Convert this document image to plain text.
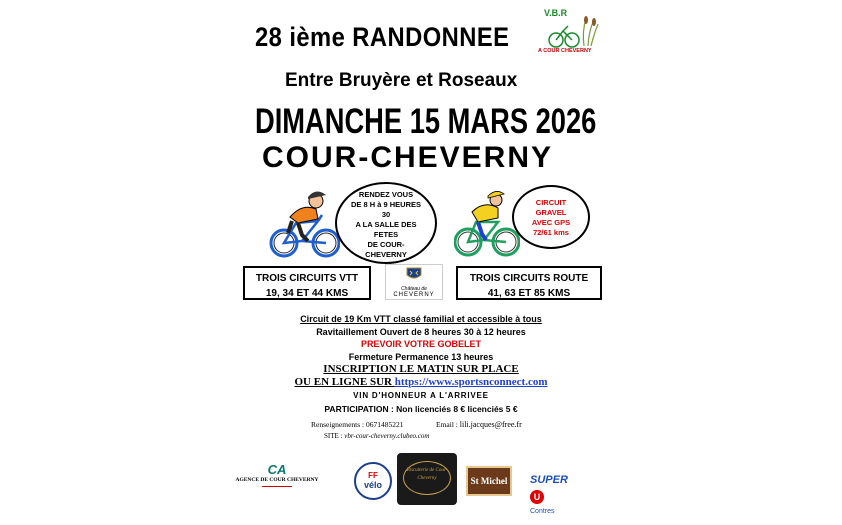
28 ième RANDONNEE
Entre Bruyère et Roseaux
DIMANCHE 15 MARS 2026
COUR-CHEVERNY
V.B.R
A COUR CHEVERNY
RENDEZ VOUS
DE 8 H à 9 HEURES
30
A LA SALLE DES
FETES
DE COUR-
CHEVERNY
CIRCUIT
GRAVEL
AVEC GPS
72/61 kms
TROIS CIRCUITS VTT
19, 34 ET 44 KMS	Château de
CHEVERNY
TROIS CIRCUITS ROUTE
41, 63 ET 85 KMS
Circuit de 19 Km VTT classé familial et accessible à tous
Ravitaillement Ouvert de 8 heures 30 à 12 heures
PREVOIR VOTRE GOBELET
Fermeture Permanence 13 heures
INSCRIPTION LE MATIN SUR PLACE
OU EN LIGNE SUR https://www.sportsnconnect.com
VIN D'HONNEUR A L'ARRIVEE
PARTICIPATION : Non licenciés 8 € licenciés 5 €
Renseignements : 0671485221	Email : lili.jacques@free.fr
SITE : vbr-cour-cheverny.clubeo.com
CA
AGENCE DE COUR CHEVERNY	FF
vélo
Biscuiterie de Cour-Cheverny	St Michel SUPER U
Contres
